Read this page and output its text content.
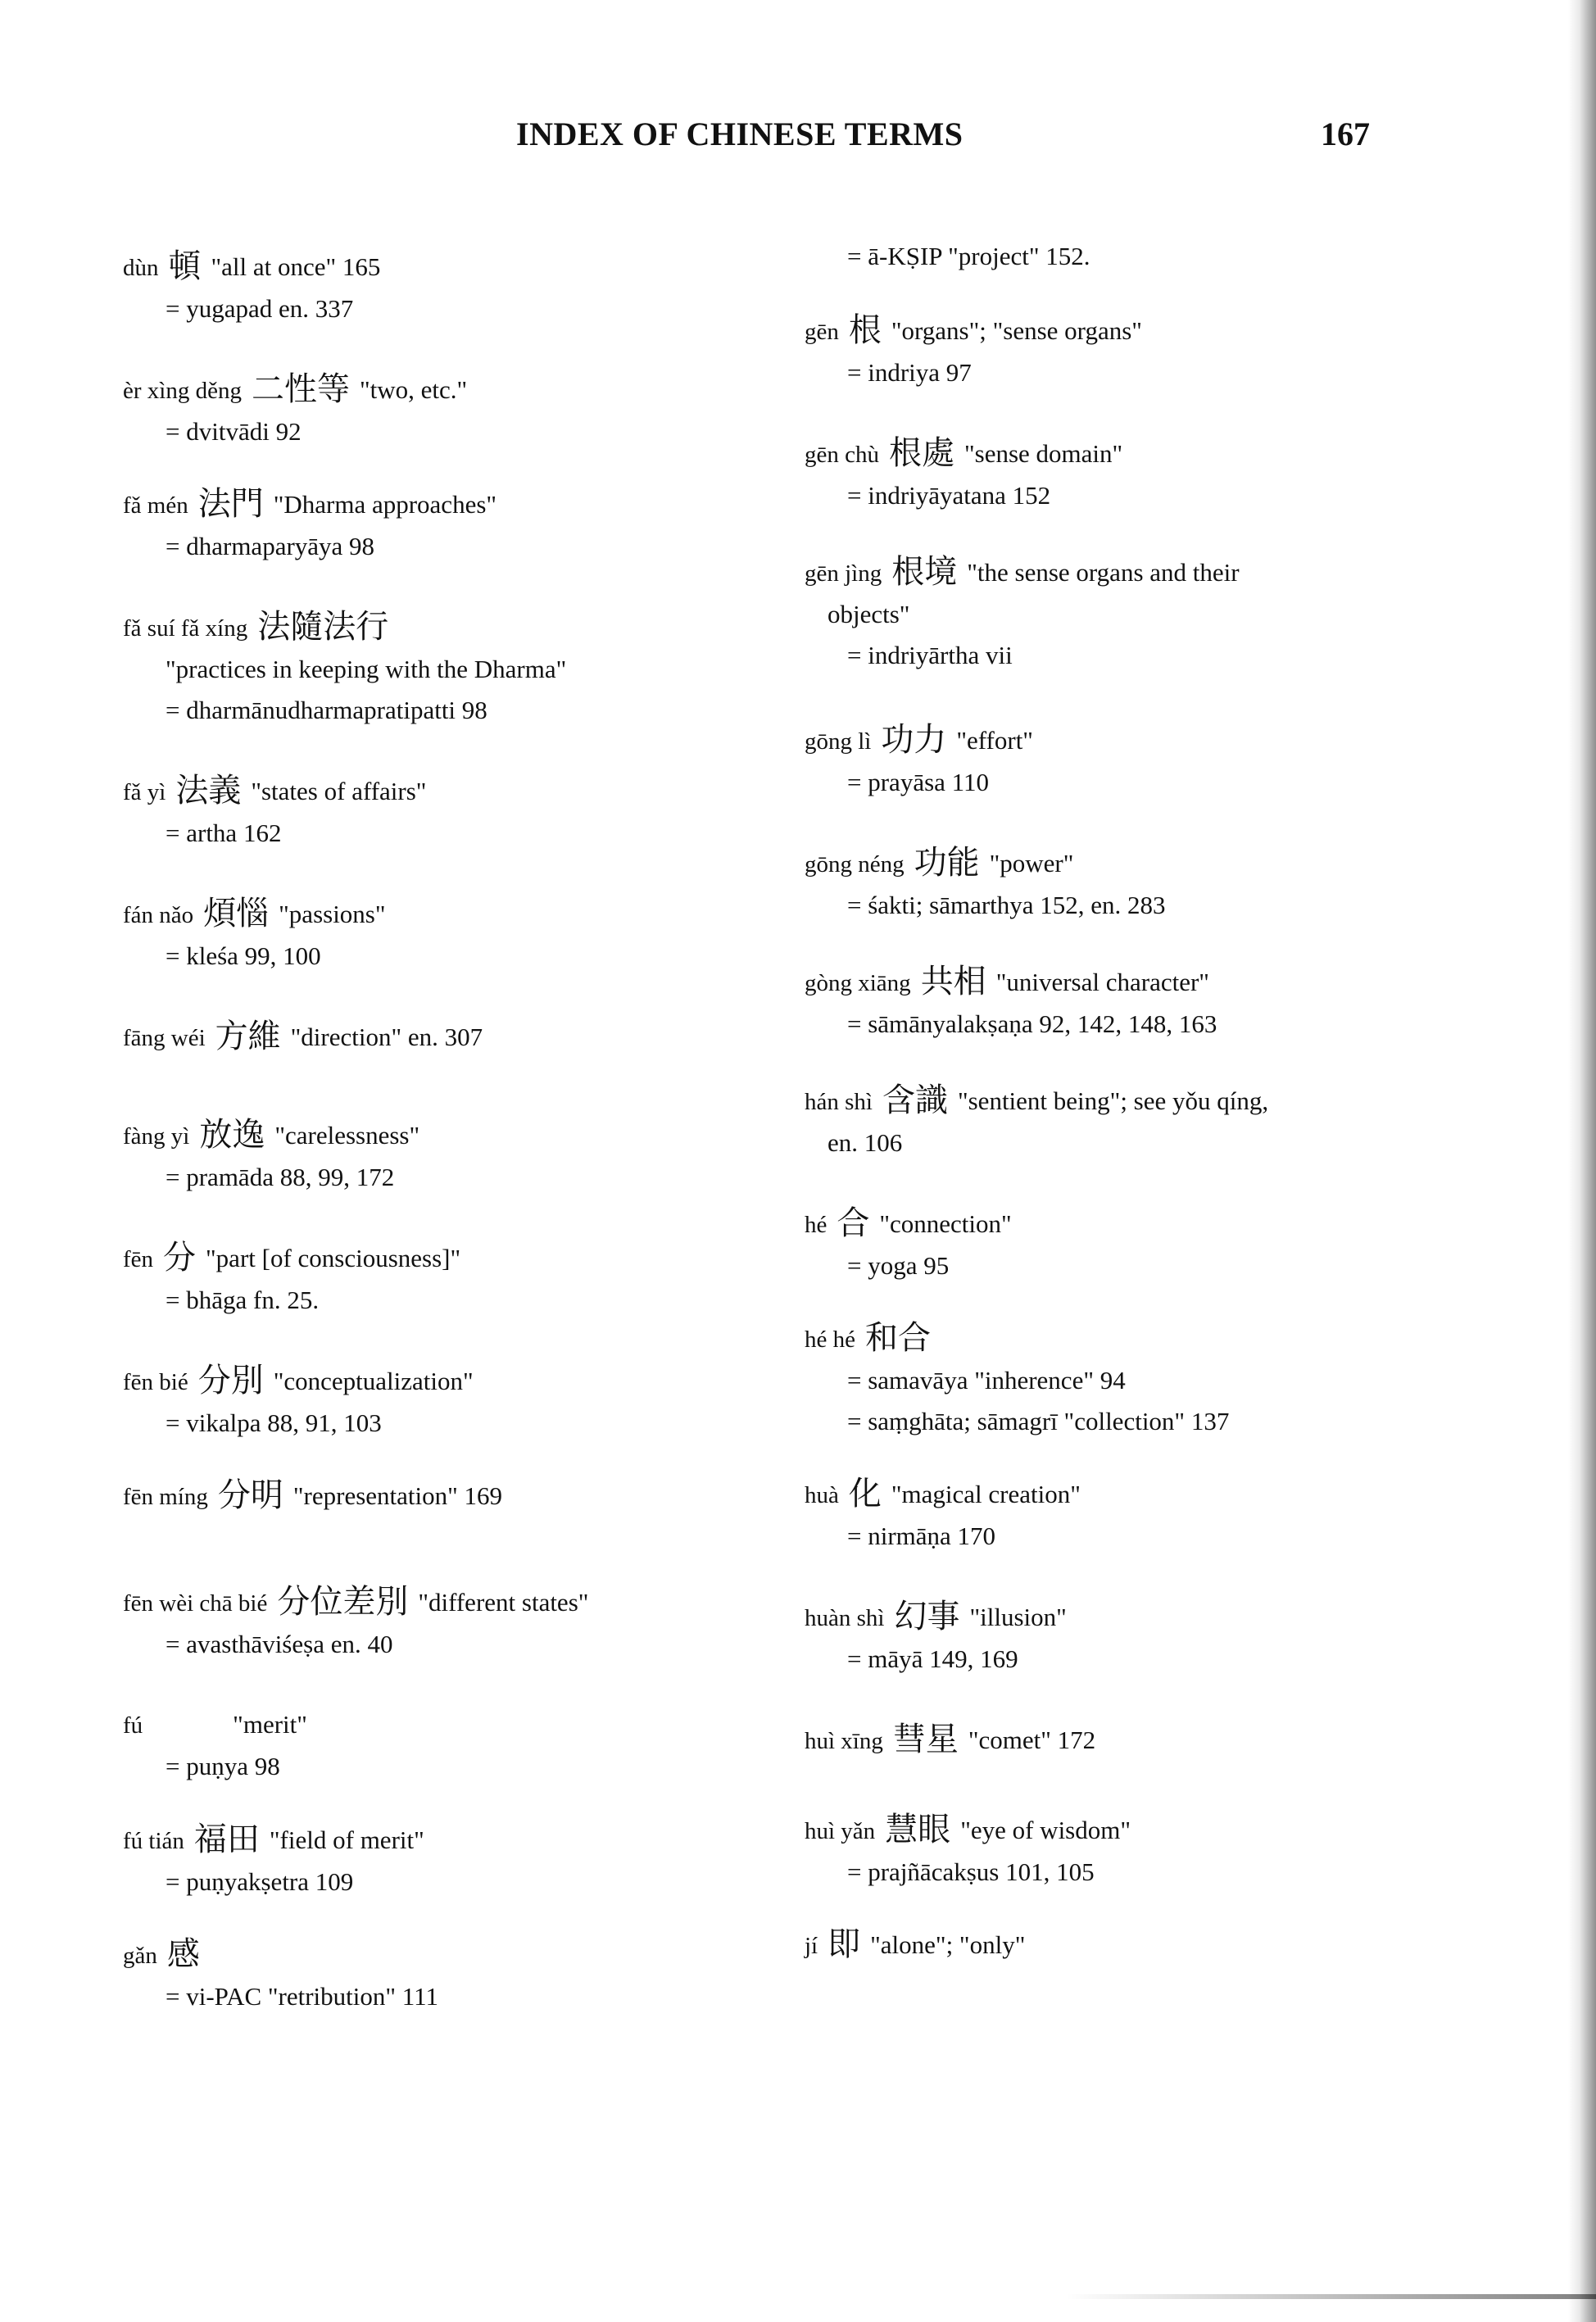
INDEX OF CHINESE TERMS	167
dùn 頓 "all at once" 165
= yugapad en. 337
èr xìng děng 二性等 "two, etc."
= dvitvādi 92
fǎ mén 法門 "Dharma approaches"
= dharmaparyāya 98
fǎ suí fǎ xíng 法隨法行
"practices in keeping with the Dharma"
= dharmānudharmapratipatti 98
fǎ yì 法義 "states of affairs"
= artha 162
fán nǎo 煩惱 "passions"
= kleśa 99, 100
fāng wéi 方維 "direction" en. 307
fàng yì 放逸 "carelessness"
= pramāda 88, 99, 172
fēn 分 "part [of consciousness]"
= bhāga fn. 25.
fēn bié 分別 "conceptualization"
= vikalpa 88, 91, 103
fēn míng 分明 "representation" 169
fēn wèi chā bié 分位差別 "different states"
= avasthāviśeṣa en. 40
fú	"merit"
= puṇya 98
fú tián 福田 "field of merit"
= puṇyakṣetra 109
gǎn 感
= vi-PAC "retribution" 111
= ā-KṢIP "project" 152.
gēn 根 "organs"; "sense organs"
= indriya 97
gēn chù 根處 "sense domain"
= indriyāyatana 152
gēn jìng 根境 "the sense organs and their
objects"
= indriyārtha vii
gōng lì 功力 "effort"
= prayāsa 110
gōng néng 功能 "power"
= śakti; sāmarthya 152, en. 283
gòng xiāng 共相 "universal character"
= sāmānyalakṣaṇa 92, 142, 148, 163
hán shì 含識 "sentient being"; see yǒu qíng,
en. 106
hé 合 "connection"
= yoga 95
hé hé 和合
= samavāya "inherence" 94
= saṃghāta; sāmagrī "collection" 137
huà 化 "magical creation"
= nirmāṇa 170
huàn shì 幻事 "illusion"
= māyā 149, 169
huì xīng 彗星 "comet" 172
huì yǎn 慧眼 "eye of wisdom"
= prajñācakṣus 101, 105
jí 即 "alone"; "only"
